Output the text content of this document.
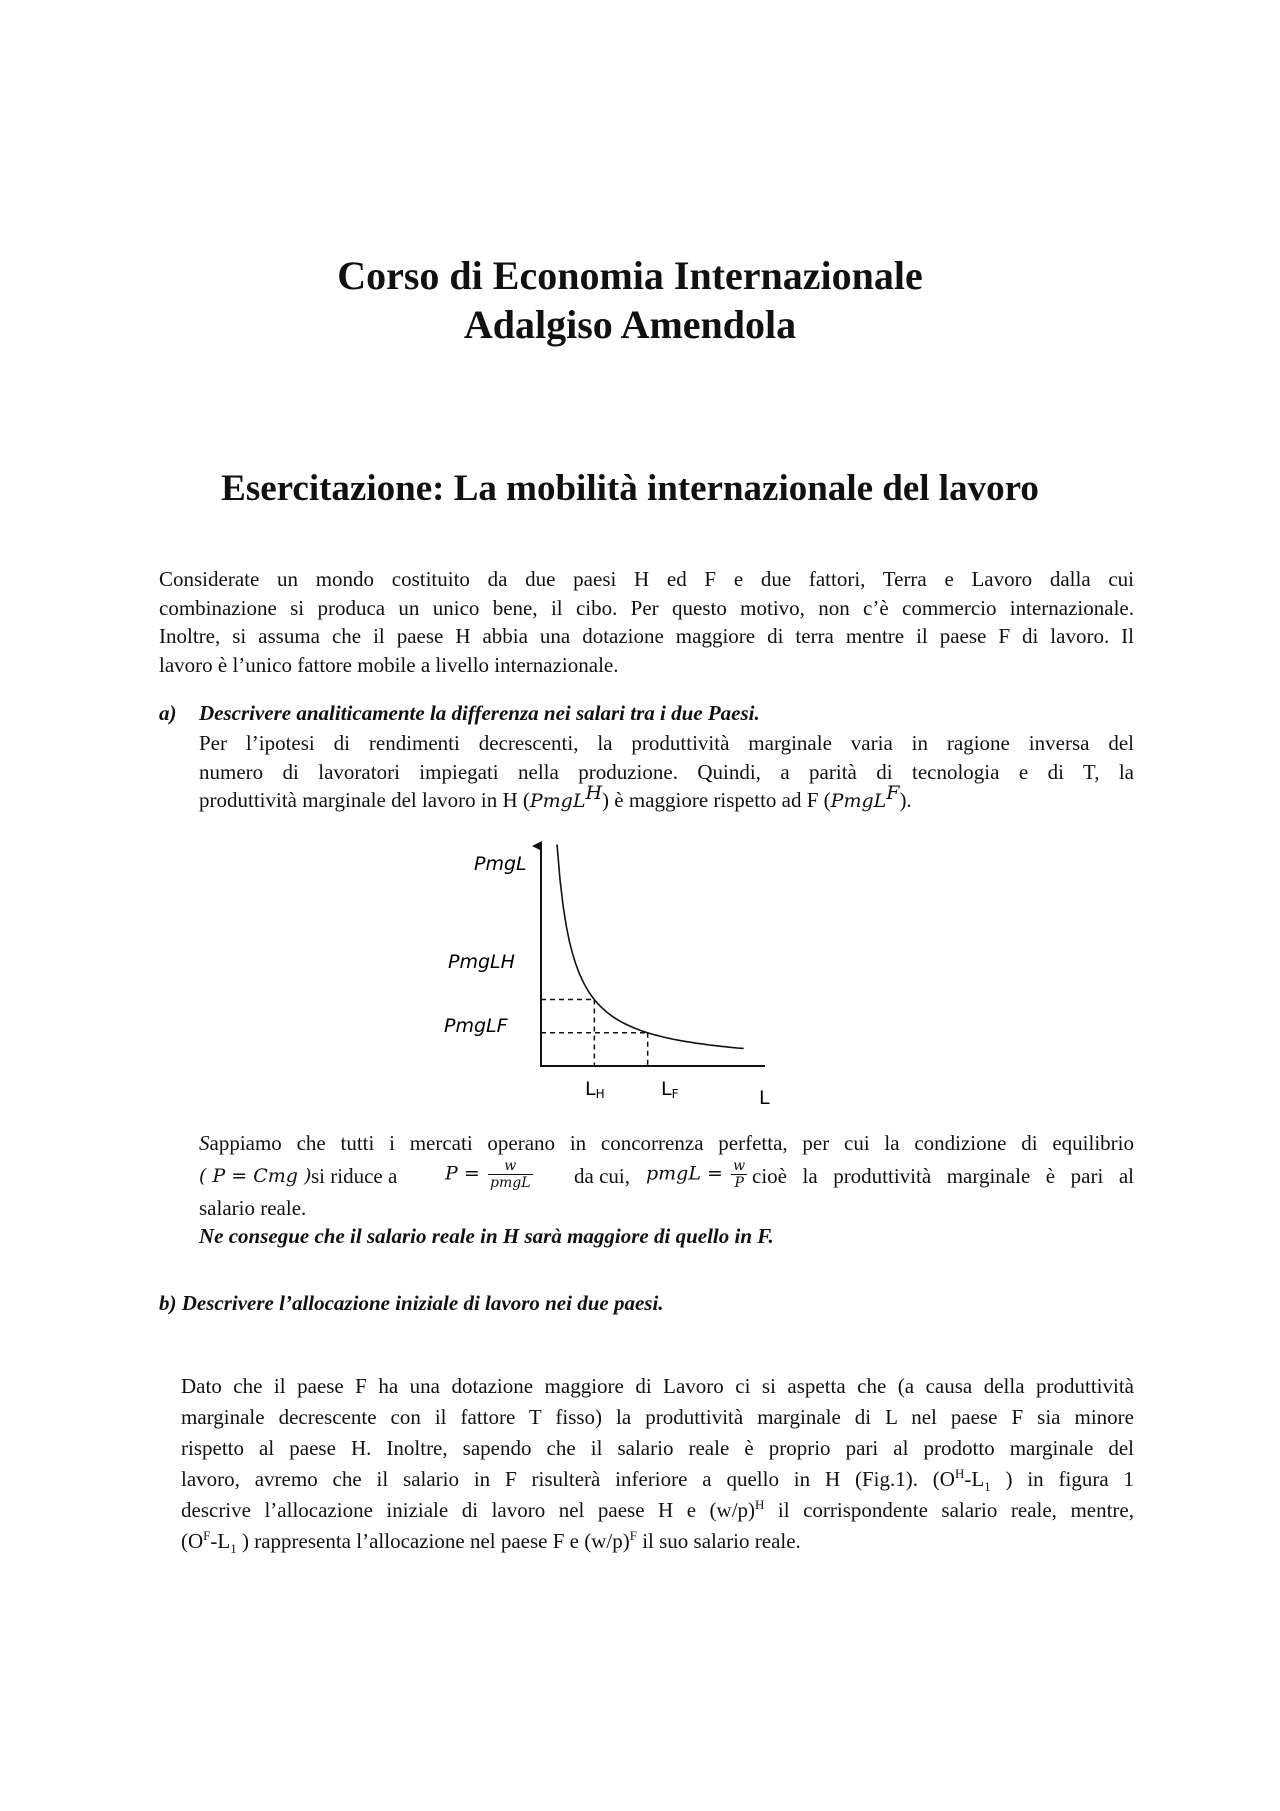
Corso di Economia Internazionale
Adalgiso Amendola
Esercitazione: La mobilità internazionale del lavoro
Considerate un mondo costituito da due paesi H ed F e due fattori, Terra e Lavoro dalla cui
combinazione si produca un unico bene, il cibo. Per questo motivo, non c’è commercio internazionale.
Inoltre, si assuma che il paese H abbia una dotazione maggiore di terra mentre il paese F di lavoro. Il
lavoro è l’unico fattore mobile a livello internazionale.
a) Descrivere analiticamente la differenza nei salari tra i due Paesi.
Per l’ipotesi di rendimenti decrescenti, la produttività marginale varia in ragione inversa del
numero di lavoratori impiegati nella produzione. Quindi, a parità di tecnologia e di T, la
produttività marginale del lavoro in H (PmgL$^H$) è maggiore rispetto ad F (PmgL$^F$).
PmgL
PmgLH
PmgLF
LH	LF	L
Sappiamo che tutti i mercati operano in concorrenza perfetta, per cui la condizione di equilibrio
( P = Cmg ) si riduce a	$P = \frac{w}{\text{pmgL}}$ da cui, pmgL = $\frac{w}{P}$ cioè la produttività marginale è pari al
salario reale.
Ne consegue che il salario reale in H sarà maggiore di quello in F.
b) Descrivere l’allocazione iniziale di lavoro nei due paesi.
Dato che il paese F ha una dotazione maggiore di Lavoro ci si aspetta che (a causa della produttività
marginale decrescente con il fattore T fisso) la produttività marginale di L nel paese F sia minore
rispetto al paese H. Inoltre, sapendo che il salario reale è proprio pari al prodotto marginale del
lavoro, avremo che il salario in F risulterà inferiore a quello in H (Fig.1). ($O^H-L_1$ ) in figura 1
descrive l’allocazione iniziale di lavoro nel paese H e $(w/p)^H$ il corrispondente salario reale, mentre,
($O^F-L_1$ ) rappresenta l’allocazione nel paese F e $(w/p)^F$ il suo salario reale.
